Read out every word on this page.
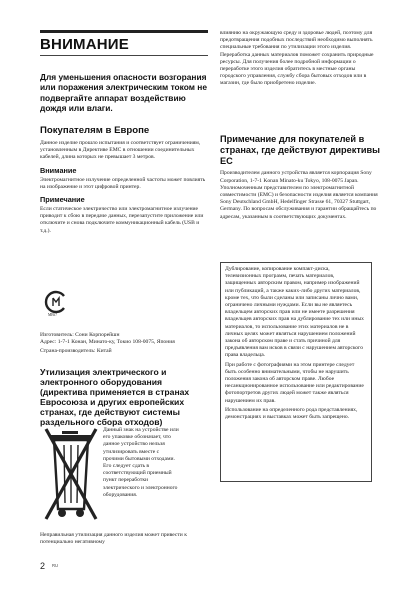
ВНИМАНИЕ
Для уменьшения опасности возгорания или поражения электрическим током не подвергайте аппарат воздействию дождя или влаги.

Покупателям в Европе

Данное изделие прошло испытания и соответствует ограничениям, установленным в Директиве EMC в отношении соединительных кабелей, длина которых не превышает 3 метров.

Внимание

Электромагнитное излучение определенной частоты может повлиять на изображение и этот цифровой принтер.

Примечание

Если статическое электричество или электромагнитное излучение приводит к сбою в передаче данных, перезапустите приложение или отключите и снова подключите коммуникационный кабель (USB и т.д.).

ME67

Изготовитель: Сони Корпорейшн

Адрес: 1-7-1 Конан, Минато-ку, Токио 108-0075, Япония

Страна-производитель: Китай

Утилизация электрического и электронного оборудования (директива применяется в странах Евросоюза и других европейских странах, где действуют системы раздельного сбора отходов)

Данный знак на устройстве или его упаковке обозначает, что данное устройство нельзя утилизировать вместе с прочими бытовыми отходами. Его следует сдать в соответствующий приемный пункт переработки электрического и электронного оборудования.
Неправильная утилизация данного изделия может привести к потенциально негативному
влиянию на окружающую среду и здоровье людей, поэтому для предотвращения подобных последствий необходимо выполнять специальные требования по утилизации этого изделия. Переработка данных материалов поможет сохранить природные ресурсы. Для получения более подробной информации о переработке этого изделия обратитесь в местные органы городского управления, службу сбора бытовых отходов или в магазин, где было приобретено изделие.

Примечание для покупателей в странах, где действуют директивы ЕС

Производителем данного устройства является корпорация Sony Corporation, 1-7-1 Konan Minato-ku Tokyo, 108-0075 Japan. Уполномоченным представителем по электромагнитной совместимости (EMC) и безопасности изделия является компания Sony Deutschland GmbH, Hedelfinger Strasse 61, 70327 Stuttgart, Germany. По вопросам обслуживания и гарантии обращайтесь по адресам, указанным в соответствующих документах.

Дублирование, копирование компакт-диска, телевизионных программ, печать материалов, защищенных авторским правом, например изображений или публикаций, а также каких-либо других материалов, кроме тех, что были сделаны или записаны лично вами, ограничено личными нуждами. Если вы не являетесь владельцем авторских прав или не имеете разрешения владельцев авторских прав на дублирование тех или иных материалов, то использование этих материалов не в личных целях может являться нарушением положений закона об авторском праве и стать причиной для предъявления вам исков в связи с нарушением авторского права владельца.

При работе с фотографиями на этом принтере следует быть особенно внимательными, чтобы не нарушить положения закона об авторском праве. Любое несанкционированное использование или редактирование фотопортретов других людей может также являться нарушением их прав.

Использование на определенного рода представлениях, демонстрациях и выставках может быть запрещено.

2 RU
